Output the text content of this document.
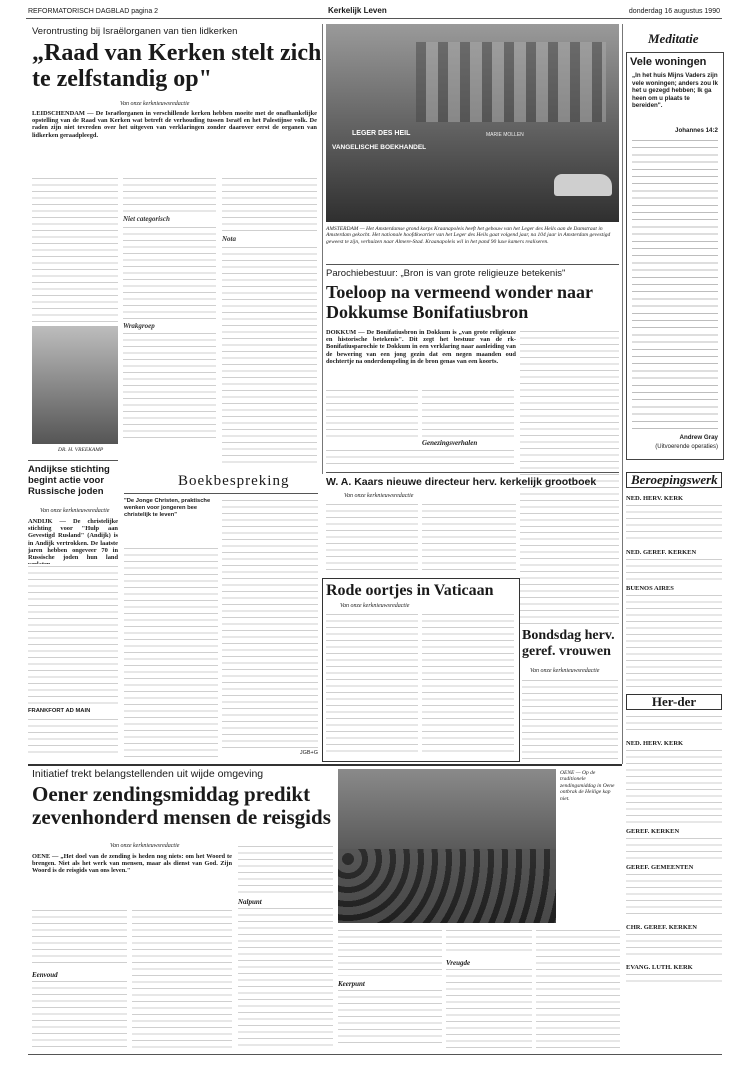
REFORMATORISCH DAGBLAD pagina 2	Kerkelijk Leven	donderdag 16 augustus 1990
Verontrusting bij Israëlorganen van tien lidkerken
„Raad van Kerken stelt zich te zelfstandig op"
Van onze kerknieuwsredactie
LEIDSCHENDAM — De Israëlorganen in verschillende kerken hebben moeite met de onafhankelijke opstelling van de Raad van Kerken wat betreft de verhouding tussen Israël en het Palestijnse volk. De raden zijn niet tevreden over het uitgeven van verklaringen zonder daarover eerst de organen van lidkerken geraadpleegd.
DR. H. VREEKAMP
Niet categorisch
Wrakgroep
Nota
LEGER DES HEIL
VANGELISCHE BOEKHANDEL
MARIE MOLLEN
AMSTERDAM — Het Amsterdamse grond korps Kraanapoleis heeft het gebouw van het Leger des Heils aan de Damstraat in Amsterdam gekocht. Het nationale hoofdkwartier van het Leger des Heils gaat volgend jaar, na 104 jaar in Amsterdam gevestigd geweest te zijn, verhuizen naar Almere-Stad. Kraanapoleis wil in het pand 90 luxe kamers realiseren.
Parochiebestuur: „Bron is van grote religieuze betekenis"
Toeloop na vermeend wonder naar Dokkumse Bonifatiusbron
DOKKUM — De Bonifatiusbron in Dokkum is „van grote religieuze en historische betekenis". Dit zegt het bestuur van de rk-Bonifatiusparochie te Dokkum in een verklaring naar aanleiding van de bewering van een jong gezin dat een negen maanden oud dochtertje na onderdompeling in de bron genas van een koorts.
Genezingsverhalen
Meditatie
Vele woningen
„In het huis Mijns Vaders zijn vele woningen; anders zou Ik het u gezegd hebben; Ik ga heen om u plaats te bereiden".
Johannes 14:2
Andrew Gray
(Uitvoerende operaties)
Beroepingswerk
NED. HERV. KERK
NED. GEREF. KERKEN
BUENOS AIRES
Her-der
NED. HERV. KERK
GEREF. KERKEN
GEREF. GEMEENTEN
CHR. GEREF. KERKEN
EVANG. LUTH. KERK
Andijkse stichting begint actie voor Russische joden
Van onze kerknieuwsredactie
ANDIJK — De christelijke stichting voor "Hulp aan Gevestigd Rusland" (Andijk) is in Andijk vertrokken. De laatste jaren hebben ongeveer 70 in Russische joden hun land
FRANKFORT AD MAIN
Boekbespreking
"De Jonge Christen, praktische wenken voor jongeren bee christelijk te leven"
JGB+G
W. A. Kaars nieuwe directeur herv. kerkelijk grootboek
Van onze kerknieuwsredactie
Rode oortjes in Vaticaan
Van onze kerknieuwsredactie
Bondsdag herv. geref. vrouwen
Van onze kerknieuwsredactie
Initiatief trekt belangstellenden uit wijde omgeving
Oener zendingsmiddag predikt zevenhonderd mensen de reisgids
Van onze kerknieuwsredactie
OENE — „Het doel van de zending is heden nog niets: om het Woord te brengen. Niet als het werk van mensen, maar als dienst van God. Zijn Woord is de reisgids van ons leven."
Eenvoud
Nalpunt
OENE — Op de traditionele zendingsmiddag in Oene ontbrak de Heilige kap niet.
Keerpunt
Vreugde
